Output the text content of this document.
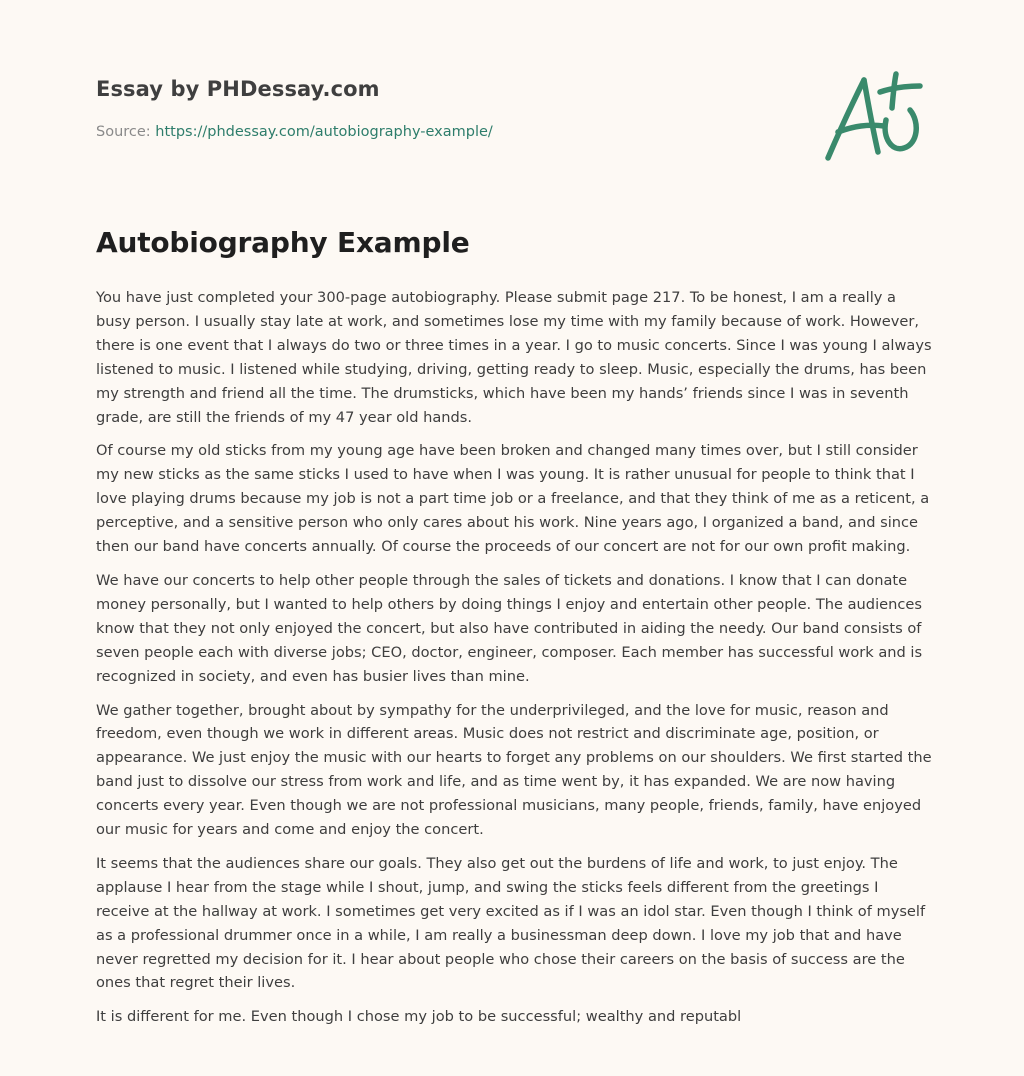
Essay by PHDessay.com
Source: https://phdessay.com/autobiography-example/
Autobiography Example

You have just completed your 300-page autobiography. Please submit page 217. To be honest, I am a really a busy person. I usually stay late at work, and sometimes lose my time with my family because of work. However, there is one event that I always do two or three times in a year. I go to music concerts. Since I was young I always listened to music. I listened while studying, driving, getting ready to sleep. Music, especially the drums, has been my strength and friend all the time. The drumsticks, which have been my hands’ friends since I was in seventh grade, are still the friends of my 47 year old hands.

Of course my old sticks from my young age have been broken and changed many times over, but I still consider my new sticks as the same sticks I used to have when I was young. It is rather unusual for people to think that I love playing drums because my job is not a part time job or a freelance, and that they think of me as a reticent, a perceptive, and a sensitive person who only cares about his work. Nine years ago, I organized a band, and since then our band have concerts annually. Of course the proceeds of our concert are not for our own profit making.

We have our concerts to help other people through the sales of tickets and donations. I know that I can donate money personally, but I wanted to help others by doing things I enjoy and entertain other people. The audiences know that they not only enjoyed the concert, but also have contributed in aiding the needy. Our band consists of seven people each with diverse jobs; CEO, doctor, engineer, composer. Each member has successful work and is recognized in society, and even has busier lives than mine.

We gather together, brought about by sympathy for the underprivileged, and the love for music, reason and freedom, even though we work in different areas. Music does not restrict and discriminate age, position, or appearance. We just enjoy the music with our hearts to forget any problems on our shoulders. We first started the band just to dissolve our stress from work and life, and as time went by, it has expanded. We are now having concerts every year. Even though we are not professional musicians, many people, friends, family, have enjoyed our music for years and come and enjoy the concert.

It seems that the audiences share our goals. They also get out the burdens of life and work, to just enjoy. The applause I hear from the stage while I shout, jump, and swing the sticks feels different from the greetings I receive at the hallway at work. I sometimes get very excited as if I was an idol star. Even though I think of myself as a professional drummer once in a while, I am really a businessman deep down. I love my job that and have never regretted my decision for it. I hear about people who chose their careers on the basis of success are the ones that regret their lives.

It is different for me. Even though I chose my job to be successful; wealthy and reputabl
